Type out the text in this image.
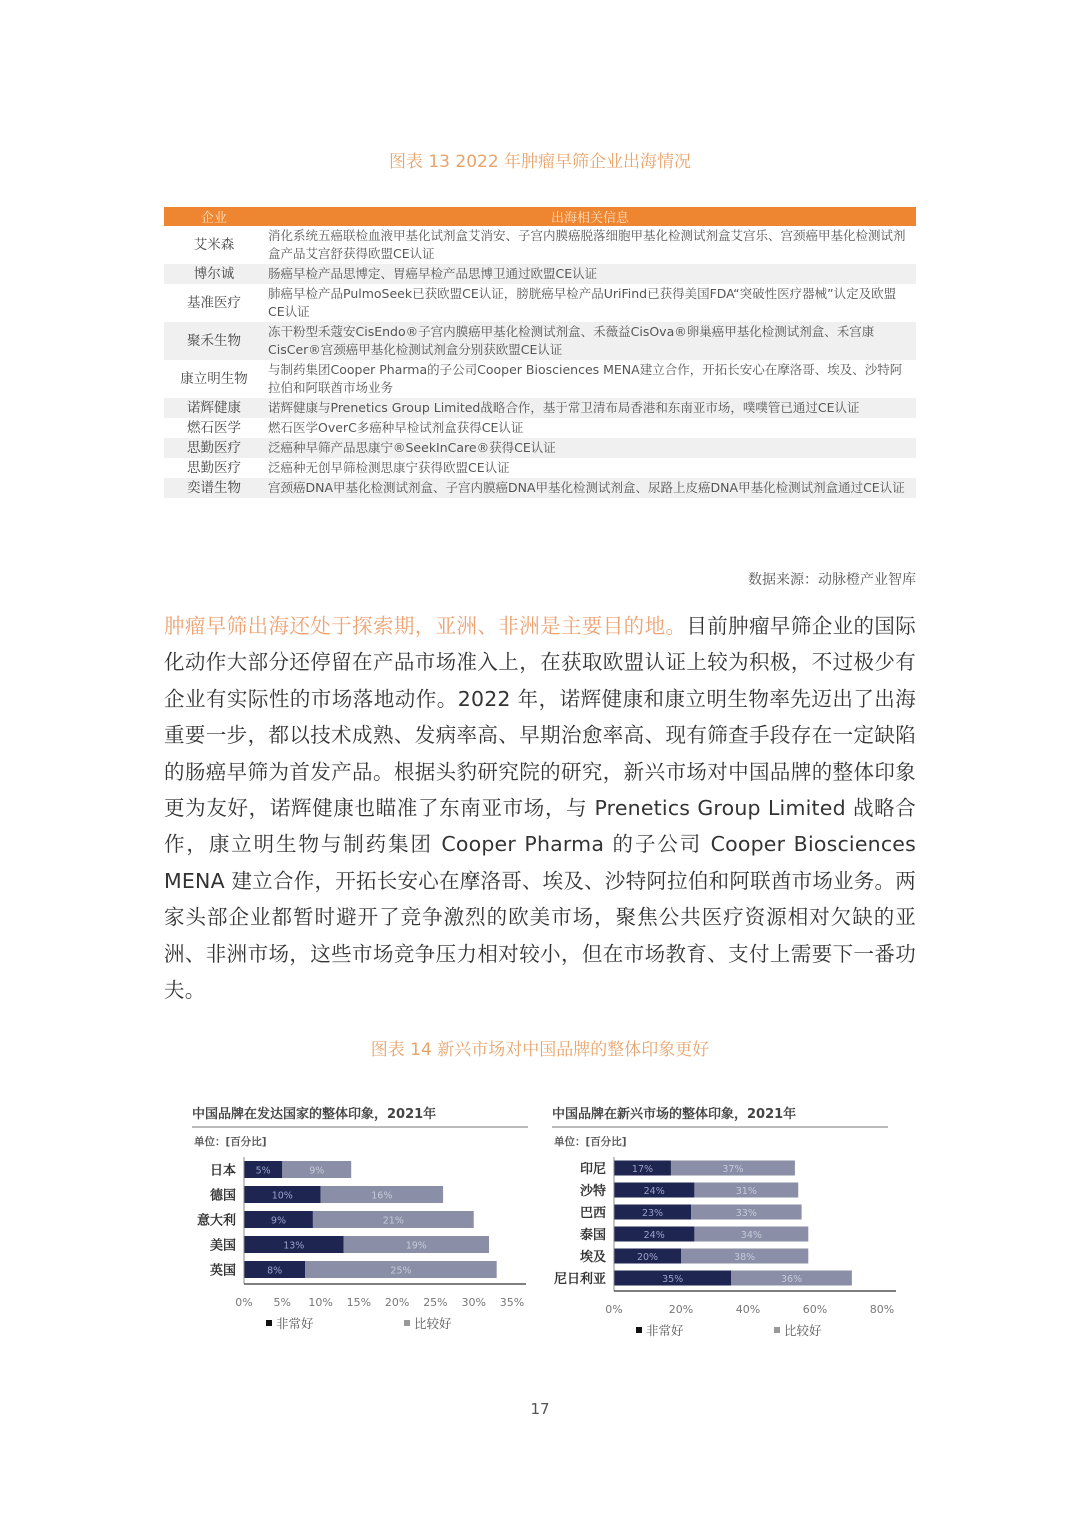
图表 13 2022 年肿瘤早筛企业出海情况
企业	出海相关信息
艾米森	消化系统五癌联检血液甲基化试剂盒艾消安、子宫内膜癌脱落细胞甲基化检测试剂盒艾宫乐、宫颈癌甲基化检测试剂盒产品艾宫舒获得欧盟CE认证
博尔诚	肠癌早检产品思博定、胃癌早检产品思博卫通过欧盟CE认证
基准医疗	肺癌早检产品PulmoSeek已获欧盟CE认证，膀胱癌早检产品UriFind已获得美国FDA“突破性医疗器械”认定及欧盟CE认证
聚禾生物	冻干粉型禾蔻安CisEndo®子宫内膜癌甲基化检测试剂盒、禾薇益CisOva®卵巢癌甲基化检测试剂盒、禾宫康CisCer®宫颈癌甲基化检测试剂盒分别获欧盟CE认证
康立明生物	与制药集团Cooper Pharma的子公司Cooper Biosciences MENA建立合作，开拓长安心在摩洛哥、埃及、沙特阿拉伯和阿联酋市场业务
诺辉健康	诺辉健康与Prenetics Group Limited战略合作，基于常卫清布局香港和东南亚市场，噗噗管已通过CE认证
燃石医学	燃石医学OverC多癌种早检试剂盒获得CE认证
思勤医疗	泛癌种早筛产品思康宁®SeekInCare®获得CE认证
思勤医疗	泛癌种无创早筛检测思康宁获得欧盟CE认证
奕谱生物	宫颈癌DNA甲基化检测试剂盒、子宫内膜癌DNA甲基化检测试剂盒、尿路上皮癌DNA甲基化检测试剂盒通过CE认证
数据来源：动脉橙产业智库
肿瘤早筛出海还处于探索期，亚洲、非洲是主要目的地。目前肿瘤早筛企业的国际化动作大部分还停留在产品市场准入上，在获取欧盟认证上较为积极，不过极少有企业有实际性的市场落地动作。2022 年，诺辉健康和康立明生物率先迈出了出海重要一步，都以技术成熟、发病率高、早期治愈率高、现有筛查手段存在一定缺陷的肠癌早筛为首发产品。根据头豹研究院的研究，新兴市场对中国品牌的整体印象更为友好，诺辉健康也瞄准了东南亚市场，与 Prenetics Group Limited 战略合作，康立明生物与制药集团 Cooper Pharma 的子公司 Cooper Biosciences MENA 建立合作，开拓长安心在摩洛哥、埃及、沙特阿拉伯和阿联酋市场业务。两家头部企业都暂时避开了竞争激烈的欧美市场，聚焦公共医疗资源相对欠缺的亚洲、非洲市场，这些市场竞争压力相对较小，但在市场教育、支付上需要下一番功夫。
图表 14 新兴市场对中国品牌的整体印象更好
中国品牌在发达国家的整体印象，2021年
单位：[百分比]
日本 5%	9%
德国	10%	16%
意大利	9%	21%
美国	13%	19%
英国	8%	25%
0% 5% 10% 15% 20% 25% 30% 35%
非常好	比较好
中国品牌在新兴市场的整体印象，2021年
单位：[百分比]
印尼	17%	37%
沙特	24%	31%
巴西	23%	33%
泰国	24%	34%
埃及	20%	38%
尼日利亚	35%	36%
0%	20%	40%	60%	80%
非常好	比较好
17
